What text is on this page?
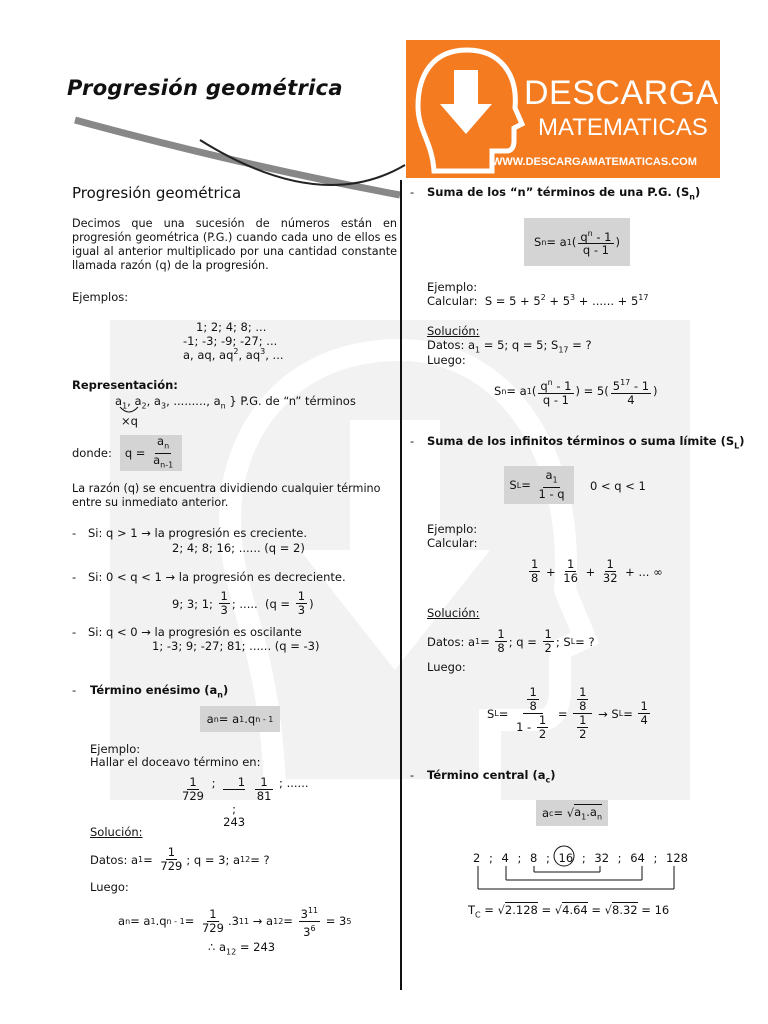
Progresión geométrica	DESCARGA
MATEMATICAS
WWW.DESCARGAMATEMATICAS.COM
Progresión geométrica
Decimos que una sucesión de números están en progresión geométrica (P.G.) cuando cada uno de ellos es igual al anterior multiplicado por una cantidad constante llamada razón (q) de la progresión.
Ejemplos:
1; 2; 4; 8; ...
-1; -3; -9; -27; ...
a, aq, $aq^2$, $aq^3$, ...
Representación:
$a_1$, $a_2$, $a_3$, ........., $a_n$ } P.G. de “n” términos
×q
donde:	$q = \frac{a_n}{a_{n-1}}$
La razón (q) se encuentra dividiendo cualquier término entre su inmediato anterior.
- Si: q > 1 → la progresión es creciente.
2; 4; 8; 16; ...... (q = 2)
- Si: 0 < q < 1 → la progresión es decreciente.
9; 3; 1; $\frac{1}{3}$ ; .....  ($q = \frac{1}{3}$ )
- Si: q < 0 → la progresión es oscilante
1; -3; 9; -27; 81; ...... (q = -3)
- Término enésimo $(a_n)$
a n = a 1 .q n - 1
Ejemplo:
Hallar el doceavo término en:
$\frac{1}{729}$ ; 1

;
243

$\frac{1}{81}$ ; ......
Solución:
Datos: a $1 = \frac{1}{729}$ ; q = 3; a 12 = ?
Luego:
a n = a 1 .q $n - 1 = \frac{1}{729} .3$ 11 → a $12 = \frac{3^{11}}{3^6} = 3$ 5
∴ $a_{12} = 243$
- Suma de los “n” términos de una P.G. $(S_n)$
S n = a 1 ( $\frac{q^n - 1}{q - 1}$ )
Ejemplo:
Calcular:  $S = 5 + 5^2 + 5^3$ + ...... + $5^{17}$
Solución:
Datos: $a_1 = 5$; q = 5; $S_{17}$ = ?
Luego:
S n = a 1 ( $\frac{q^n - 1}{q - 1}$ ) = $5( \frac{5^{17} - 1}{4}$ )
- Suma de los infinitos términos o suma límite $(S_L)$
S $L = \frac{a_1}{1 - q} 0 < q < 1$
Ejemplo:
Calcular:
$\frac{1}{8} + \frac{1}{16} + \frac{1}{32}$ + ... ∞
Solución:
Datos: a $1 = \frac{1}{8}$ ; $q = \frac{1}{2}$ ; S L = ?
Luego:
S $L = \frac{\frac{1}{8}}{1 - \frac{1}{2}} = \frac{\frac{1}{8}}{\frac{1}{2}} \to S$ $L = \frac{1}{4}$
- Término central $(a_c)$
a c = √ $a_1.a_n$
2 ; 4 ; 8 ; 16 ; 32 ; 64 ; 128
$T_C = √2.128 = √4.64 = √8.32 = 16$
